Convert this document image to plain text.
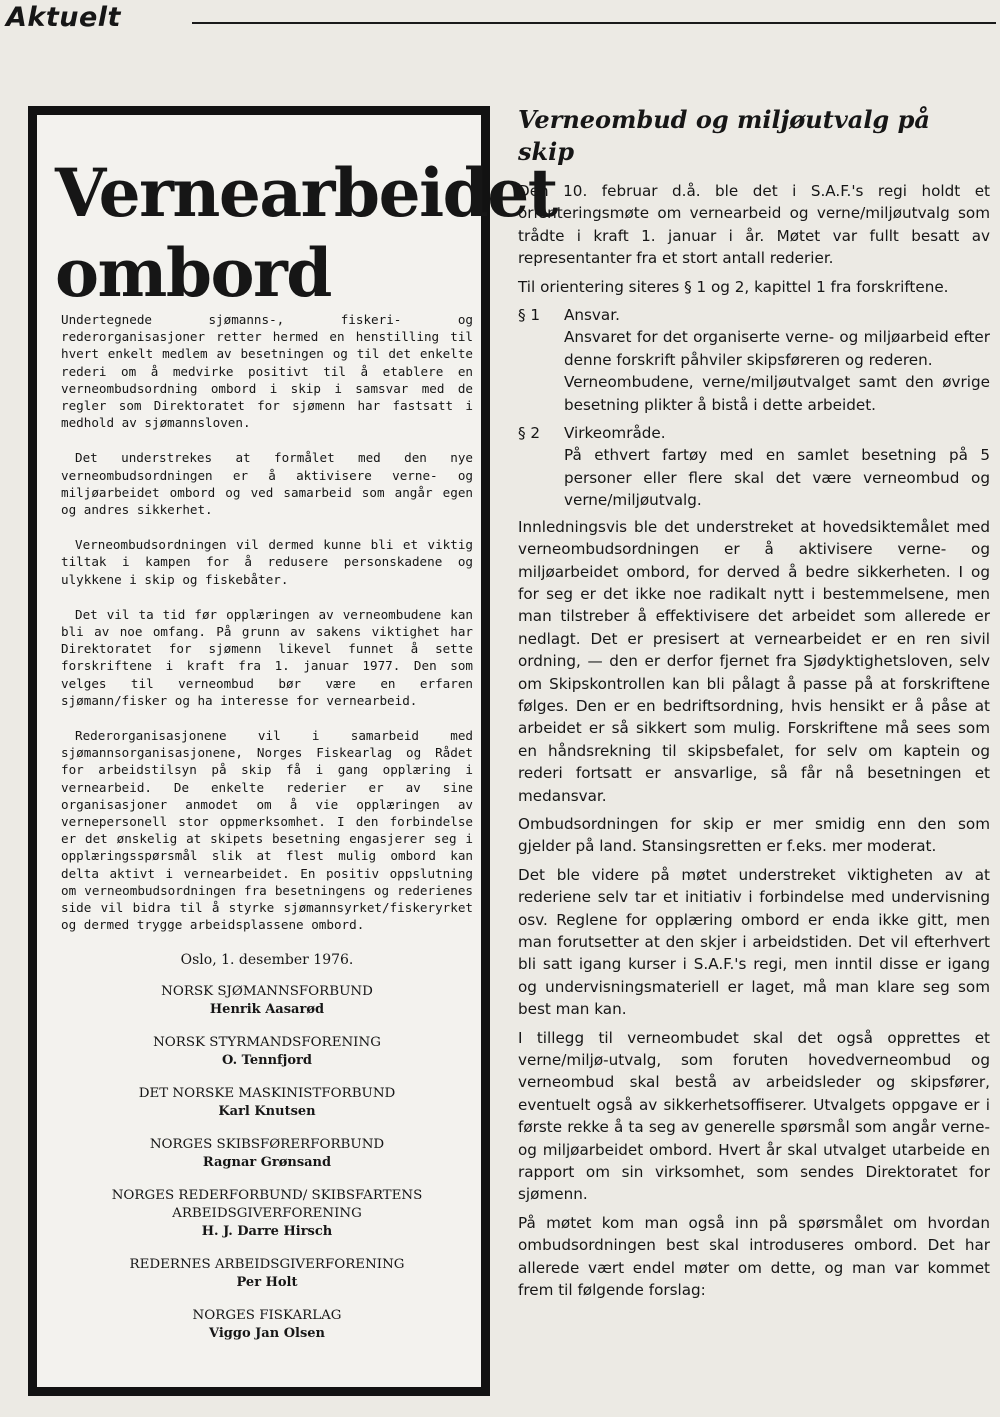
Aktuelt
Vernearbeidet
ombord

Undertegnede sjømanns-, fiskeri- og rederorganisasjoner retter hermed en henstilling til hvert enkelt medlem av besetningen og til det enkelte rederi om å medvirke positivt til å etablere en verneombudsordning ombord i skip i samsvar med de regler som Direktoratet for sjømenn har fastsatt i medhold av sjømannsloven.

Det understrekes at formålet med den nye verneombudsordningen er å aktivisere verne- og miljøarbeidet ombord og ved samarbeid som angår egen og andres sikkerhet.

Verneombudsordningen vil dermed kunne bli et viktig tiltak i kampen for å redusere personskadene og ulykkene i skip og fiskebåter.

Det vil ta tid før opplæringen av verneombudene kan bli av noe omfang. På grunn av sakens viktighet har Direktoratet for sjømenn likevel funnet å sette forskriftene i kraft fra 1. januar 1977. Den som velges til verneombud bør være en erfaren sjømann/fisker og ha interesse for vernearbeid.

Rederorganisasjonene vil i samarbeid med sjømannsorganisasjonene, Norges Fiskearlag og Rådet for arbeidstilsyn på skip få i gang opplæring i vernearbeid. De enkelte rederier er av sine organisasjoner anmodet om å vie opplæringen av vernepersonell stor oppmerksomhet. I den forbindelse er det ønskelig at skipets besetning engasjerer seg i opplæringsspørsmål slik at flest mulig ombord kan delta aktivt i vernearbeidet. En positiv oppslutning om verneombudsordningen fra besetningens og rederienes side vil bidra til å styrke sjømannsyrket/fiskeryrket og dermed trygge arbeidsplassene ombord.

Oslo, 1. desember 1976.
NORSK SJØMANNSFORBUND
Henrik Aasarød
NORSK STYRMANDSFORENING
O. Tennfjord
DET NORSKE MASKINISTFORBUND
Karl Knutsen
NORGES SKIBSFØRERFORBUND
Ragnar Grønsand
NORGES REDERFORBUND/ SKIBSFARTENS ARBEIDSGIVERFORENING
H. J. Darre Hirsch
REDERNES ARBEIDSGIVERFORENING
Per Holt
NORGES FISKARLAG
Viggo Jan Olsen
Verneombud og miljøutvalg på skip

Den 10. februar d.å. ble det i S.A.F.'s regi holdt et orienteringsmøte om vernearbeid og verne/miljøutvalg som trådte i kraft 1. januar i år. Møtet var fullt besatt av representanter fra et stort antall rederier.

Til orientering siteres § 1 og 2, kapittel 1 fra forskriftene.

§ 1	Ansvar.
Ansvaret for det organiserte verne- og miljøarbeid efter denne forskrift påhviler skipsføreren og rederen.
Verneombudene, verne/miljøutvalget samt den øvrige besetning plikter å bistå i dette arbeidet.
§ 2	Virkeområde.
På ethvert fartøy med en samlet besetning på 5 personer eller flere skal det være verneombud og verne/miljøutvalg.

Innledningsvis ble det understreket at hovedsiktemålet med verneombudsordningen er å aktivisere verne- og miljøarbeidet ombord, for derved å bedre sikkerheten. I og for seg er det ikke noe radikalt nytt i bestemmelsene, men man tilstreber å effektivisere det arbeidet som allerede er nedlagt. Det er presisert at vernearbeidet er en ren sivil ordning, — den er derfor fjernet fra Sjødyktighetsloven, selv om Skipskontrollen kan bli pålagt å passe på at forskriftene følges. Den er en bedriftsordning, hvis hensikt er å påse at arbeidet er så sikkert som mulig. Forskriftene må sees som en håndsrekning til skipsbefalet, for selv om kaptein og rederi fortsatt er ansvarlige, så får nå besetningen et medansvar.

Ombudsordningen for skip er mer smidig enn den som gjelder på land. Stansingsretten er f.eks. mer moderat.

Det ble videre på møtet understreket viktigheten av at rederiene selv tar et initiativ i forbindelse med undervisning osv. Reglene for opplæring ombord er enda ikke gitt, men man forutsetter at den skjer i arbeidstiden. Det vil efterhvert bli satt igang kurser i S.A.F.'s regi, men inntil disse er igang og undervisningsmateriell er laget, må man klare seg som best man kan.

I tillegg til verneombudet skal det også opprettes et verne/miljø-utvalg, som foruten hovedverneombud og verneombud skal bestå av arbeidsleder og skipsfører, eventuelt også av sikkerhetsoffiserer. Utvalgets oppgave er i første rekke å ta seg av generelle spørsmål som angår verne- og miljøarbeidet ombord. Hvert år skal utvalget utarbeide en rapport om sin virksomhet, som sendes Direktoratet for sjømenn.

På møtet kom man også inn på spørsmålet om hvordan ombudsordningen best skal introduseres ombord. Det har allerede vært endel møter om dette, og man var kommet frem til følgende forslag:
